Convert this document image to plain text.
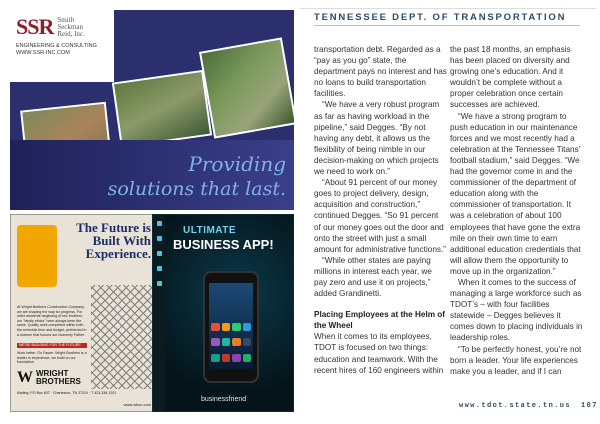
SSR Smith
Seckman
Reid, Inc.
ENGINEERING & CONSULTING
WWW.SSR-INC.COM
Providing
solutions that last.
The Future is Built With Experience.
At Wright Brothers Construction Company, we are shaping the way for progress. For older residents beginning of two brothers, our "family ethics" have always been the same. Quality work completed within both the schedule time and budget, performed in a manner that honors our heavenly Father.
WE'RE BUILDING FOR THE FUTURE
Work better. Go Faster. Wright Brothers is a leader in experience, we build on our foundation.
W WRIGHT
BROTHERS
Mailing: PO Box 607 · Charleston, TN 37310 · T 423.336.1201
www.wbcc.com
ULTIMATE
BUSINESS APP!
businessfriend
TENNESSEE DEPT. OF TRANSPORTATION

transportation debt. Regarded as a “pay as you go” state, the department pays no interest and has no loans to build transportation facilities.

“We have a very robust program as far as having workload in the pipeline,” said Degges. “By not having any debt, it allows us the flexibility of being nimble in our decision-making on which projects we need to work on.”

“About 91 percent of our money goes to project delivery, design, acquisition and construction,” continued Degges. “So 91 percent of our money goes out the door and onto the street with just a small amount for administrative functions.”

“While other states are paying millions in interest each year, we pay zero and use it on projects,” added Grandinetti.

Placing Employees at the Helm of the Wheel

When it comes to its employees, TDOT is focused on two things: education and teamwork. With the recent hires of 160 engineers within

the past 18 months, an emphasis has been placed on diversity and growing one’s education. And it wouldn’t be complete without a proper celebration once certain successes are achieved.

“We have a strong program to push education in our maintenance forces and we most recently had a celebration at the Tennessee Titans’ football stadium,” said Degges. “We had the governor come in and the commissioner of the department of education along with the commissioner of transportation. It was a celebration of about 100 employees that have gone the extra mile on their own time to earn additional education credentials that will allow them the opportunity to move up in the organization.”

When it comes to the success of managing a large workforce such as TDOT’s – with four facilities statewide – Degges believes it comes down to placing individuals in leadership roles.

“To be perfectly honest, you’re not born a leader. Your life experiences make you a leader, and if I can

www.tdot.state.tn.us 107
